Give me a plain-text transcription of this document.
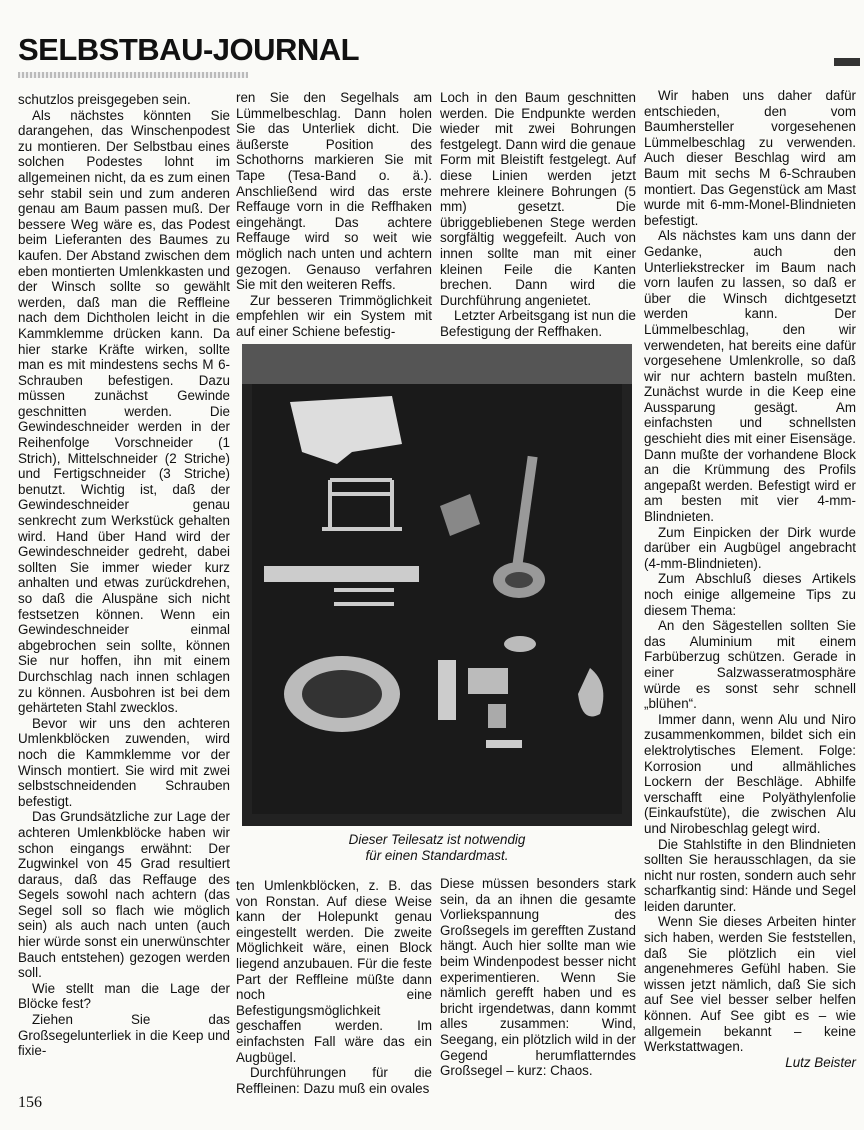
SELBSTBAU-JOURNAL

schutzlos preisgegeben sein.

Als nächstes könnten Sie darangehen, das Winschenpodest zu montieren. Der Selbstbau eines solchen Podestes lohnt im allgemeinen nicht, da es zum einen sehr stabil sein und zum anderen genau am Baum passen muß. Der bessere Weg wäre es, das Podest beim Lieferanten des Baumes zu kaufen. Der Abstand zwischen dem eben montierten Umlenkkasten und der Winsch sollte so gewählt werden, daß man die Reffleine nach dem Dichtholen leicht in die Kammklemme drücken kann. Da hier starke Kräfte wirken, sollte man es mit mindestens sechs M 6-Schrauben befestigen. Dazu müssen zunächst Gewinde geschnitten werden. Die Gewindeschneider werden in der Reihenfolge Vorschneider (1 Strich), Mittelschneider (2 Striche) und Fertigschneider (3 Striche) benutzt. Wichtig ist, daß der Gewindeschneider genau senkrecht zum Werkstück gehalten wird. Hand über Hand wird der Gewindeschneider gedreht, dabei sollten Sie immer wieder kurz anhalten und etwas zurückdrehen, so daß die Aluspäne sich nicht festsetzen können. Wenn ein Gewindeschneider einmal abgebrochen sein sollte, können Sie nur hoffen, ihn mit einem Durchschlag nach innen schlagen zu können. Ausbohren ist bei dem gehärteten Stahl zwecklos.

Bevor wir uns den achteren Umlenkblöcken zuwenden, wird noch die Kammklemme vor der Winsch montiert. Sie wird mit zwei selbstschneidenden Schrauben befestigt.

Das Grundsätzliche zur Lage der achteren Umlenkblöcke haben wir schon eingangs erwähnt: Der Zugwinkel von 45 Grad resultiert daraus, daß das Reffauge des Segels sowohl nach achtern (das Segel soll so flach wie möglich sein) als auch nach unten (auch hier würde sonst ein unerwünschter Bauch entstehen) gezogen werden soll.

Wie stellt man die Lage der Blöcke fest?

Ziehen Sie das Großsegelunterliek in die Keep und fixie-

ren Sie den Segelhals am Lümmelbeschlag. Dann holen Sie das Unterliek dicht. Die äußerste Position des Schothorns markieren Sie mit Tape (Tesa-Band o. ä.). Anschließend wird das erste Reffauge vorn in die Reffhaken eingehängt. Das achtere Reffauge wird so weit wie möglich nach unten und achtern gezogen. Genauso verfahren Sie mit den weiteren Reffs.

Zur besseren Trimmöglichkeit empfehlen wir ein System mit auf einer Schiene befestig-

Loch in den Baum geschnitten werden. Die Endpunkte werden wieder mit zwei Bohrungen festgelegt. Dann wird die genaue Form mit Bleistift festgelegt. Auf diese Linien werden jetzt mehrere kleinere Bohrungen (5 mm) gesetzt. Die übriggebliebenen Stege werden sorgfältig weggefeilt. Auch von innen sollte man mit einer kleinen Feile die Kanten brechen. Dann wird die Durchführung angenietet.

Letzter Arbeitsgang ist nun die Befestigung der Reffhaken.

Wir haben uns daher dafür entschieden, den vom Baumhersteller vorgesehenen Lümmelbeschlag zu verwenden. Auch dieser Beschlag wird am Baum mit sechs M 6-Schrauben montiert. Das Gegenstück am Mast wurde mit 6-mm-Monel-Blindnieten befestigt.

Als nächstes kam uns dann der Gedanke, auch den Unterliekstrecker im Baum nach vorn laufen zu lassen, so daß er über die Winsch dichtgesetzt werden kann. Der Lümmelbeschlag, den wir verwendeten, hat bereits eine dafür vorgesehene Umlenkrolle, so daß wir nur achtern basteln mußten. Zunächst wurde in die Keep eine Aussparung gesägt. Am einfachsten und schnellsten geschieht dies mit einer Eisensäge. Dann mußte der vorhandene Block an die Krümmung des Profils angepaßt werden. Befestigt wird er am besten mit vier 4-mm-Blindnieten.

Zum Einpicken der Dirk wurde darüber ein Augbügel angebracht (4-mm-Blindnieten).

Zum Abschluß dieses Artikels noch einige allgemeine Tips zu diesem Thema:

An den Sägestellen sollten Sie das Aluminium mit einem Farbüberzug schützen. Gerade in einer Salzwasseratmosphäre würde es sonst sehr schnell „blühen“.

Immer dann, wenn Alu und Niro zusammenkommen, bildet sich ein elektrolytisches Element. Folge: Korrosion und allmähliches Lockern der Beschläge. Abhilfe verschafft eine Polyäthylenfolie (Einkaufstüte), die zwischen Alu und Nirobeschlag gelegt wird.

Die Stahlstifte in den Blindnieten sollten Sie herausschlagen, da sie nicht nur rosten, sondern auch sehr scharfkantig sind: Hände und Segel leiden darunter.

Wenn Sie dieses Arbeiten hinter sich haben, werden Sie feststellen, daß Sie plötzlich ein viel angenehmeres Gefühl haben. Sie wissen jetzt nämlich, daß Sie sich auf See viel besser selber helfen können. Auf See gibt es – wie allgemein bekannt – keine Werkstattwagen.

Lutz Beister

Dieser Teilesatz ist notwendig
für einen Standardmast.

ten Umlenkblöcken, z. B. das von Ronstan. Auf diese Weise kann der Holepunkt genau eingestellt werden. Die zweite Möglichkeit wäre, einen Block liegend anzubauen. Für die feste Part der Reffleine müßte dann noch eine Befestigungsmöglichkeit geschaffen werden. Im einfachsten Fall wäre das ein Augbügel.

Durchführungen für die Reffleinen: Dazu muß ein ovales

Diese müssen besonders stark sein, da an ihnen die gesamte Vorliekspannung des Großsegels im gerefften Zustand hängt. Auch hier sollte man wie beim Windenpodest besser nicht experimentieren. Wenn Sie nämlich gerefft haben und es bricht irgendetwas, dann kommt alles zusammen: Wind, Seegang, ein plötzlich wild in der Gegend herumflatterndes Großsegel – kurz: Chaos.

156
